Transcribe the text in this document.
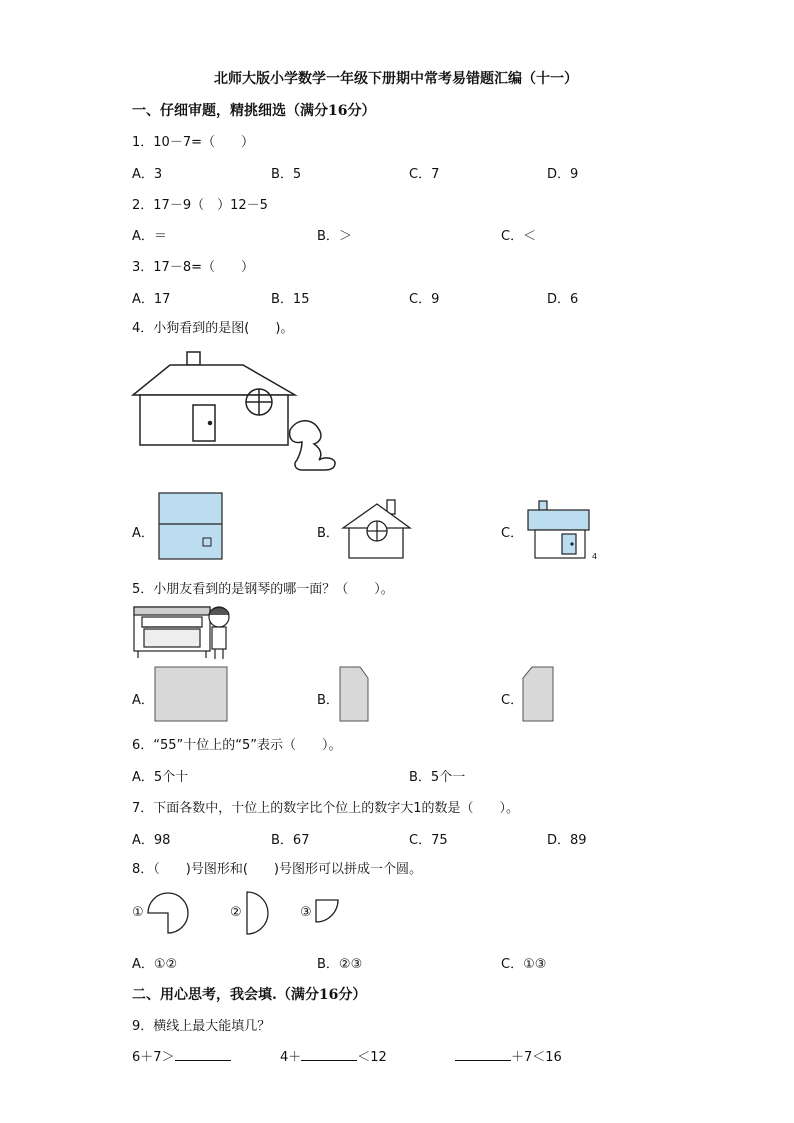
北师大版小学数学一年级下册期中常考易错题汇编（十一）
一、仔细审题，精挑细选（满分16分）
1．10－7=（　　）
A．3	B．5	C．7	D．9
2．17－9（　）12－5
A．＝	B．＞	C．＜
3．17－8=（　　）
A．17	B．15	C．9	D．6
4．小狗看到的是图(　　)。
A．	B．	C．
4
5．小朋友看到的是钢琴的哪一面？（　　）。
A．	B．	C．
6．“55”十位上的“5”表示（　　）。
A．5个十	B．5个一
7．下面各数中，十位上的数字比个位上的数字大1的数是（　　）。
A．98	B．67	C．75	D．89
8．（　　)号图形和(　　)号图形可以拼成一个圆。
①	②	③
A．①②	B．②③	C．①③
二、用心思考，我会填.（满分16分）
9．横线上最大能填几？
6＋7＞	4＋	＜12	＋7＜16
